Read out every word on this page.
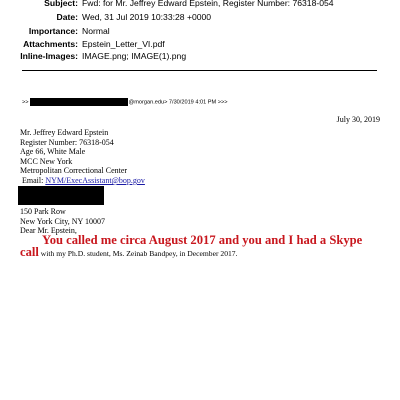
Subject: Fwd: for Mr. Jeffrey Edward Epstein, Register Number: 76318-054
Date: Wed, 31 Jul 2019 10:33:28 +0000
Importance: Normal
Attachments: Epstein_Letter_VI.pdf
Inline-Images: IMAGE.png; IMAGE(1).png
>>	@morgan.edu> 7/30/2019 4:01 PM >>>
July 30, 2019
Mr. Jeffrey Edward Epstein
Register Number: 76318-054
Age 66, White Male
MCC New York
Metropolitan Correctional Center
Email: NYM/ExecAssistant@bop.gov
150 Park Row
New York City, NY 10007
Dear Mr. Epstein,
You called me circa August 2017 and you and I had a Skype
call with my Ph.D. student, Ms. Zeinab Bandpey, in December 2017.
